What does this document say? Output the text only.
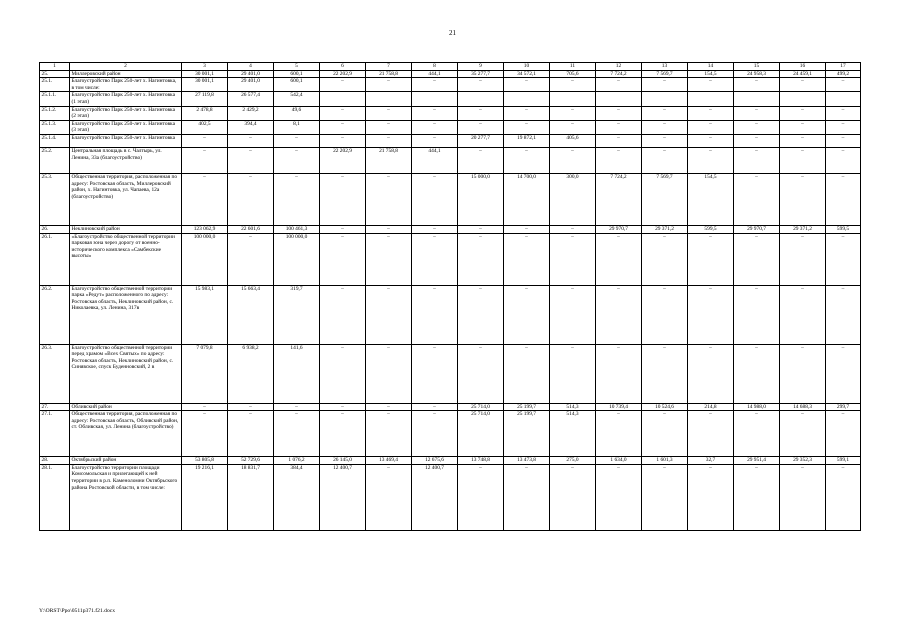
21
1	2	3	4	5	6	7	8	9	10	11	12	13	14	15	16	17
25.	Миллеровский район	30 001,1	29 401,0	600,1	22 202,9	21 758,8	444,1	35 277,7	34 572,1	705,6	7 724,2	7 569,7	154,5	24 958,3	24 459,1	499,2
25.1.	Благоустройство Парк 250-лет х. Нагинтовка, в том числе:	30 001,1	29 401,0	600,1	–	–	–	–	–	–	–	–	–	–	–	–
25.1.1.	Благоустройство Парк 250-лет х. Нагинтовка (1 этап)	27 119,8	26 577,4	542,4												
25.1.2.	Благоустройство Парк 250-лет х. Нагинтовка (2 этап)	2 478,8	2 429,2	49,6	–	–	–	–	–	–	–	–	–	–	–	–
25.1.3.	Благоустройство Парк 250-лет х. Нагинтовка (3 этап)	402,5	394,4	8,1	–	–	–	–	–	–	–	–	–	–	–	–
25.1.4.	Благоустройство Парк 250-лет х. Нагинтовка	–	–	–	–	–	–	20 277,7	19 872,1	405,6	–	–	–	–	–	–
25.2.	Центральная площадь в с. Чалтырь, ул. Ленина, 33а (благоустройство)	–	–	–	22 202,9	21 758,8	444,1	–	–	–	–	–	–	–	–	–
25.3.	Общественная территория, расположенная по адресу: Ростовская область, Миллеровский район, х. Нагинтовка, ул. Чапаева, 12а (благоустройство)	–	–	–	–	–	–	15 000,0	14 700,0	300,0	7 724,2	7 569,7	154,5	–	–	–
26.	Неклиновский район	123 062,9	22 601,6	100 461,3	–	–	–	–	–	–	29 970,7	29 371,2	599,5	29 970,7	29 371,2	599,5
26.1.	«Благоустройство общественной территории парковая зона через дорогу от военно-исторического комплекса «Самбекские высоты»	100 000,0	–	100 000,0	–	–	–	–	–	–	–	–	–	–	–	–
26.2.	Благоустройство общественной территории парка «Редут» расположенного по адресу: Ростовская область, Неклиновский район, с. Николаевка, ул. Ленина, 317в	15 983,1	15 663,4	319,7	–	–	–	–	–	–	–	–	–	–	–	–
26.3.	Благоустройство общественной территории перед храмом «Всех Святых» по адресу: Ростовская область, Неклиновский район, с. Синявское, спуск Буденновский, 2 в	7 079,8	6 938,2	141,6	–	–	–	–	–	–	–	–	–	–	–	–
27.	Обливский район	–	–	–	–	–	–	25 714,0	25 199,7	514,3	10 739,4	10 524,6	214,8	14 988,0	14 688,3	299,7
27.1.	Общественная территория, расположенная по адресу: Ростовская область, Обливский район, ст. Обливская, ул. Ленина (благоустройство)	–	–	–	–	–	–	25 714,0	25 199,7	514,3	–	–	–	–	–	–
28.	Октябрьский район	53 805,8	52 729,6	1 076,2	26 145,0	13 469,4	12 675,6	13 748,8	13 473,8	275,0	1 634,0	1 601,3	32,7	29 951,4	29 352,3	599,1
28.1.	Благоустройство территории площади Комсомольская и прилегающей к ней территории в р.п. Каменоломни Октябрьского района Ростовской области, в том числе:	19 216,1	18 831,7	384,4	12 400,7	–	12 400,7	–	–	–	–	–	–	–	–	–
Y:\ORST\Ppo\0511p371.f21.docx
